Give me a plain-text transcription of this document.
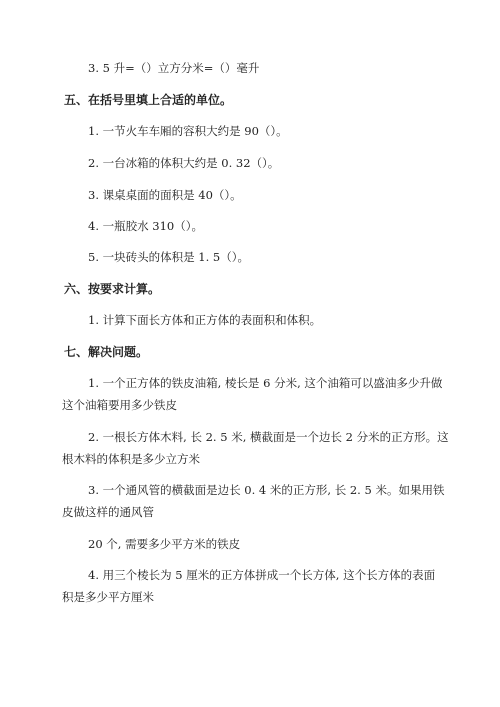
3. 5 升=（）立方分米=（）毫升
五、在括号里填上合适的单位。
1. 一节火车车厢的容积大约是 90（）。
2. 一台冰箱的体积大约是 0. 32（）。
3. 课桌桌面的面积是 40（）。
4. 一瓶胶水 310（）。
5. 一块砖头的体积是 1. 5（）。
六、按要求计算。
1. 计算下面长方体和正方体的表面积和体积。
七、解决问题。
1. 一个正方体的铁皮油箱, 棱长是 6 分米, 这个油箱可以盛油多少升做
这个油箱要用多少铁皮
2. 一根长方体木料, 长 2. 5 米, 横截面是一个边长 2 分米的正方形。这
根木料的体积是多少立方米
3. 一个通风管的横截面是边长 0. 4 米的正方形, 长 2. 5 米。如果用铁
皮做这样的通风管
20 个, 需要多少平方米的铁皮
4. 用三个棱长为 5 厘米的正方体拼成一个长方体, 这个长方体的表面
积是多少平方厘米
